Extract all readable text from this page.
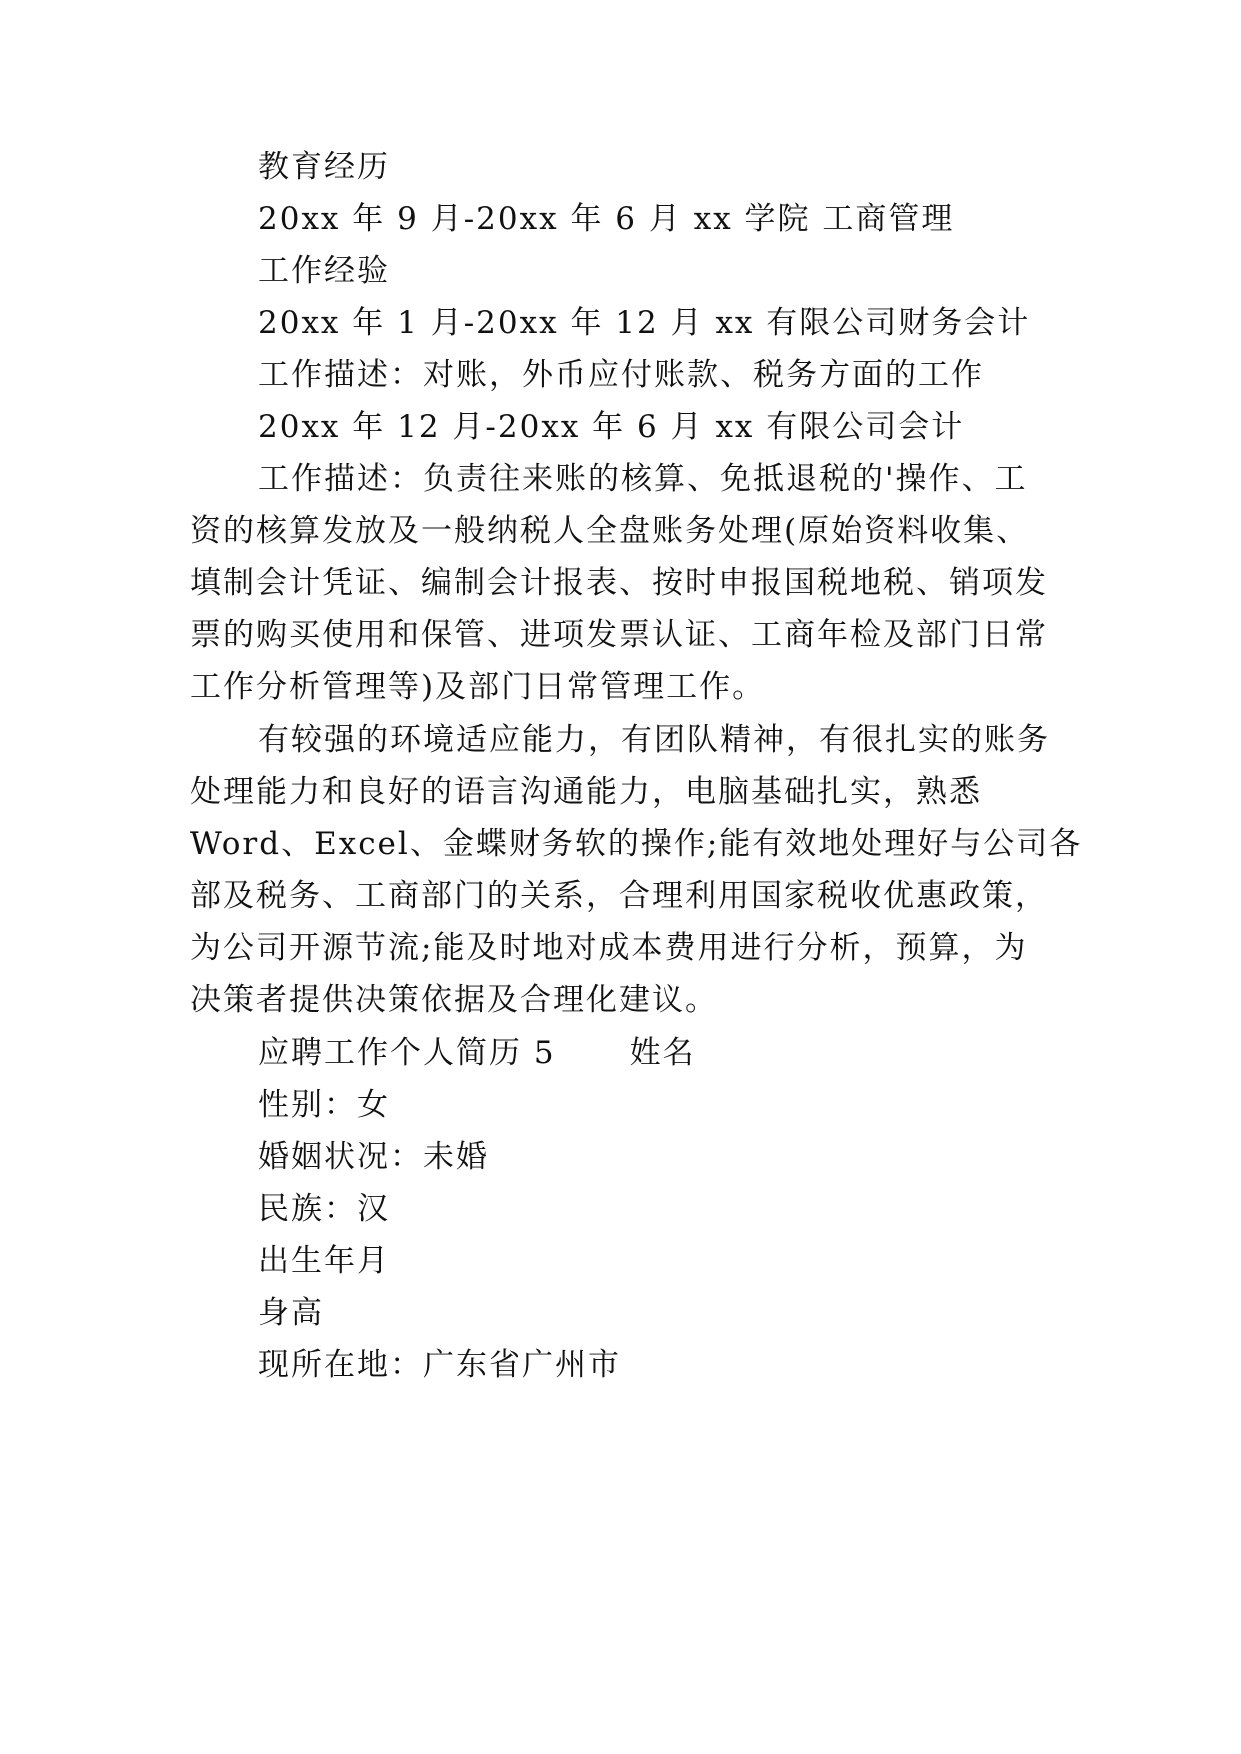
教育经历
20xx 年 9 月-20xx 年 6 月 xx 学院 工商管理
工作经验
20xx 年 1 月-20xx 年 12 月 xx 有限公司财务会计
工作描述：对账，外币应付账款、税务方面的工作
20xx 年 12 月-20xx 年 6 月 xx 有限公司会计
工作描述：负责往来账的核算、免抵退税的'操作、工
资的核算发放及一般纳税人全盘账务处理(原始资料收集、
填制会计凭证、编制会计报表、按时申报国税地税、销项发
票的购买使用和保管、进项发票认证、工商年检及部门日常
工作分析管理等)及部门日常管理工作。
有较强的环境适应能力，有团队精神，有很扎实的账务
处理能力和良好的语言沟通能力，电脑基础扎实，熟悉
Word、Excel、金蝶财务软的操作;能有效地处理好与公司各
部及税务、工商部门的关系，合理利用国家税收优惠政策，
为公司开源节流;能及时地对成本费用进行分析，预算，为
决策者提供决策依据及合理化建议。
应聘工作个人简历 5 姓名
性别：女
婚姻状况：未婚
民族：汉
出生年月
身高
现所在地：广东省广州市
